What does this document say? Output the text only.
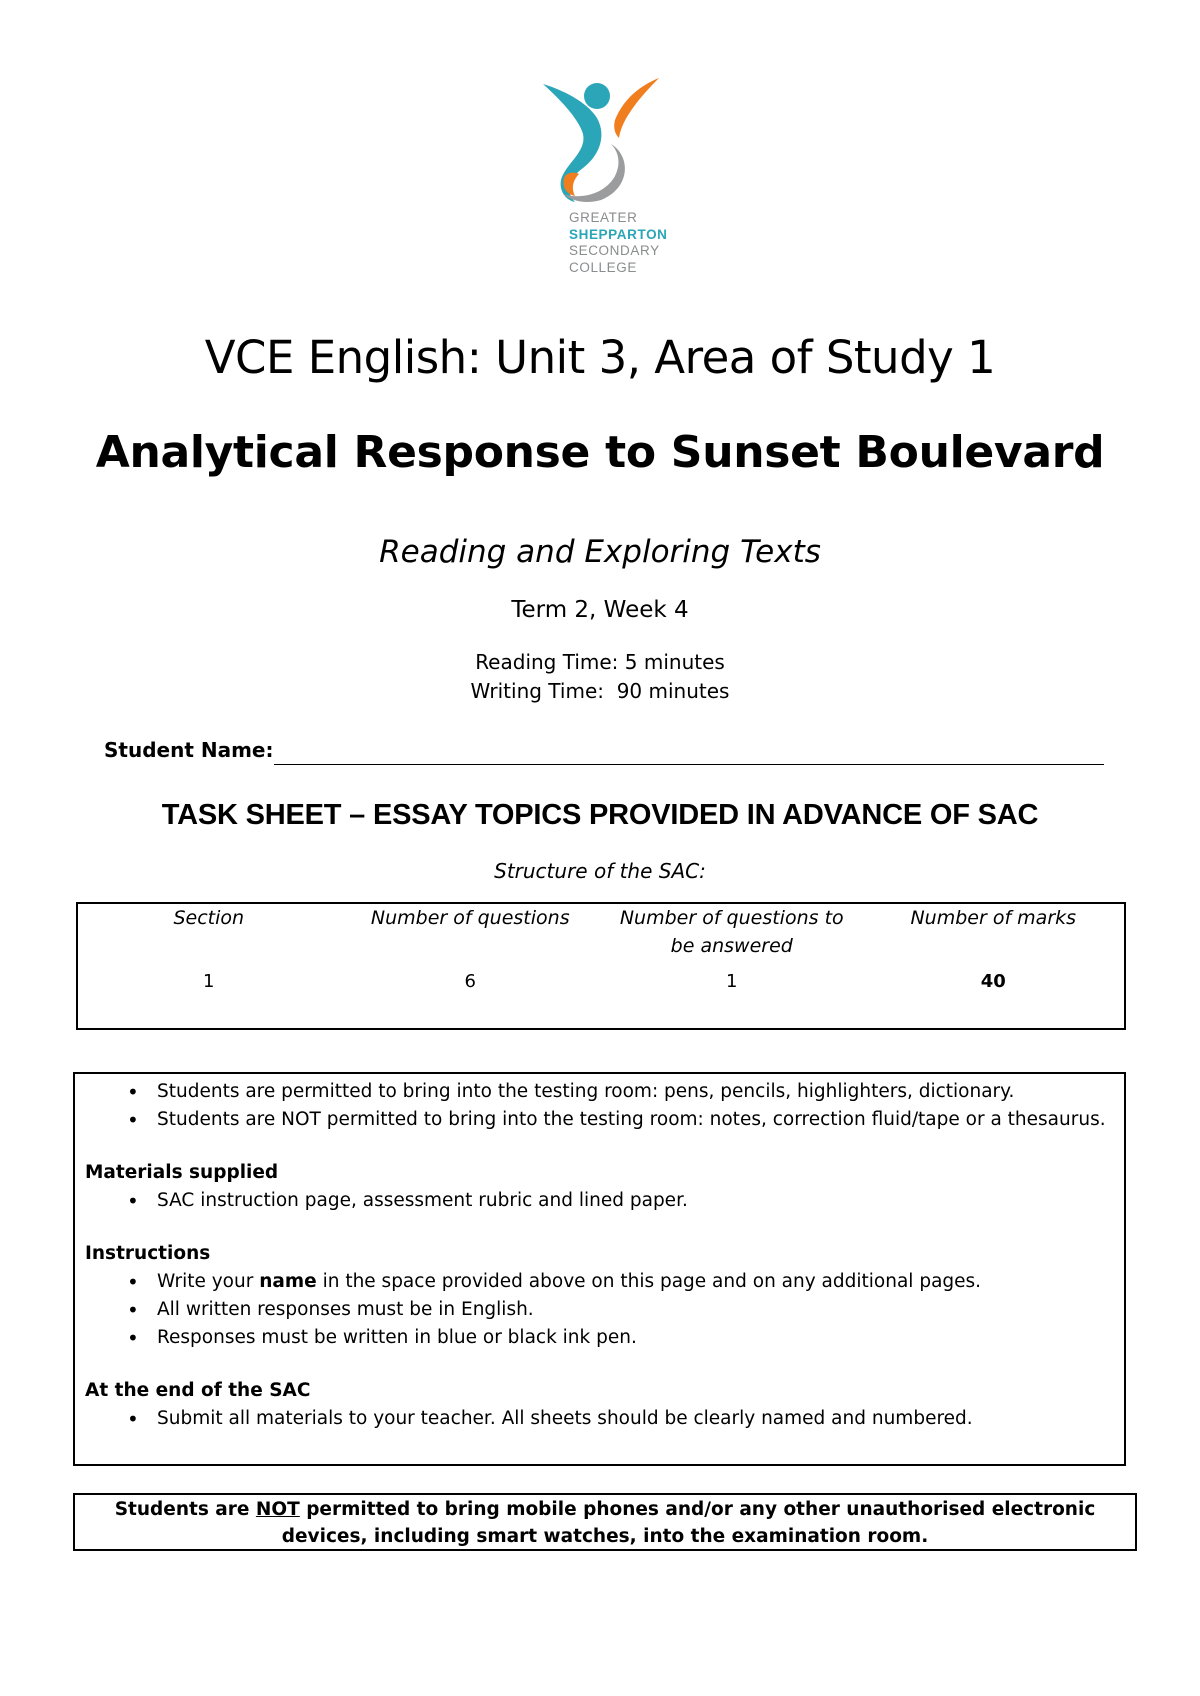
GREATER
SHEPPARTON
SECONDARY
COLLEGE
VCE English: Unit 3, Area of Study 1
Analytical Response to Sunset Boulevard
Reading and Exploring Texts
Term 2, Week 4
Reading Time: 5 minutes
Writing Time:  90 minutes
Student Name:
TASK SHEET – ESSAY TOPICS PROVIDED IN ADVANCE OF SAC
Structure of the SAC:
Section	Number of questions	Number of questions to be answered	Number of marks
1	6	1	40
• Students are permitted to bring into the testing room: pens, pencils, highlighters, dictionary.
• Students are NOT permitted to bring into the testing room: notes, correction fluid/tape or a thesaurus.
Materials supplied
• SAC instruction page, assessment rubric and lined paper.
Instructions
• Write your name in the space provided above on this page and on any additional pages.
• All written responses must be in English.
• Responses must be written in blue or black ink pen.
At the end of the SAC
• Submit all materials to your teacher. All sheets should be clearly named and numbered.
Students are NOT permitted to bring mobile phones and/or any other unauthorised electronic devices, including smart watches, into the examination room.
